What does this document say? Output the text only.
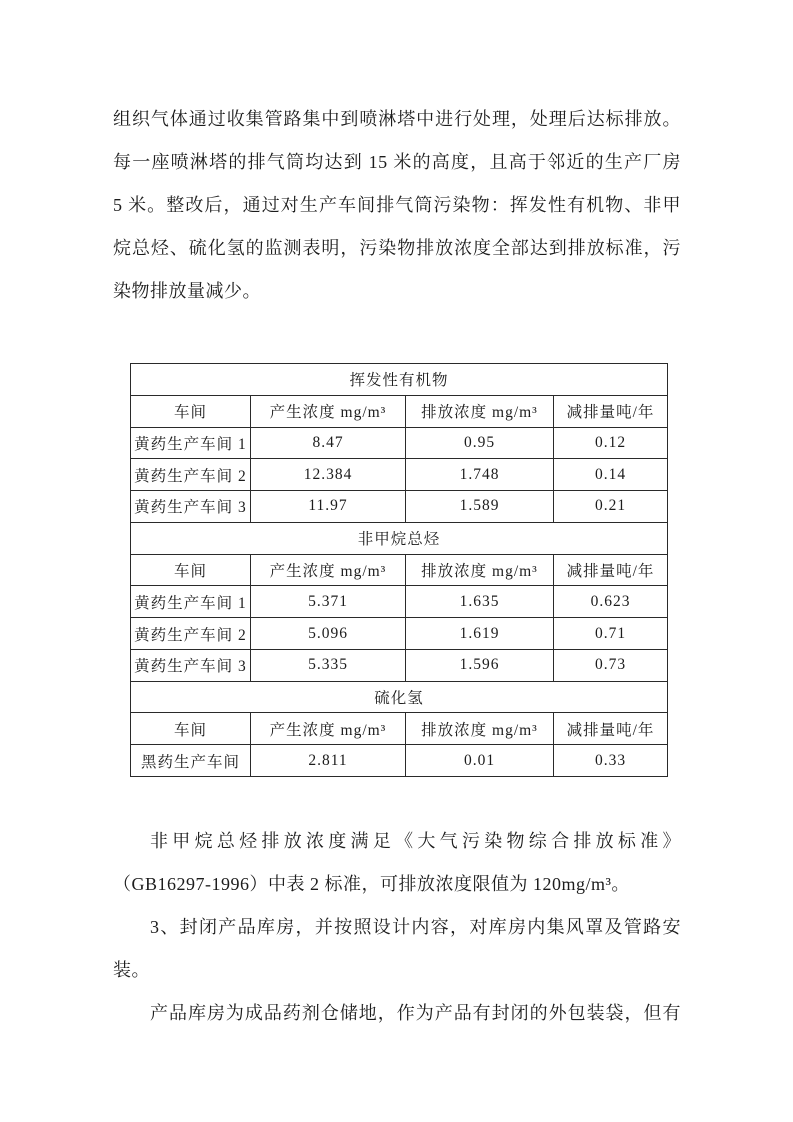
组织气体通过收集管路集中到喷淋塔中进行处理，处理后达标排放。
每一座喷淋塔的排气筒均达到 15 米的高度，且高于邻近的生产厂房
5 米。整改后，通过对生产车间排气筒污染物：挥发性有机物、非甲
烷总烃、硫化氢的监测表明，污染物排放浓度全部达到排放标准，污
染物排放量减少。
挥发性有机物			
车间	产生浓度 mg/m³	排放浓度 mg/m³	减排量吨/年
黄药生产车间 1	8.47	0.95	0.12
黄药生产车间 2	12.384	1.748	0.14
黄药生产车间 3	11.97	1.589	0.21
非甲烷总烃			
车间	产生浓度 mg/m³	排放浓度 mg/m³	减排量吨/年
黄药生产车间 1	5.371	1.635	0.623
黄药生产车间 2	5.096	1.619	0.71
黄药生产车间 3	5.335	1.596	0.73
硫化氢			
车间	产生浓度 mg/m³	排放浓度 mg/m³	减排量吨/年
黑药生产车间	2.811	0.01	0.33
非甲烷总烃排放浓度满足《大气污染物综合排放标准》
（GB16297-1996）中表 2 标准，可排放浓度限值为 120mg/m³。
3、封闭产品库房，并按照设计内容，对库房内集风罩及管路安
装。
产品库房为成品药剂仓储地，作为产品有封闭的外包装袋，但有
